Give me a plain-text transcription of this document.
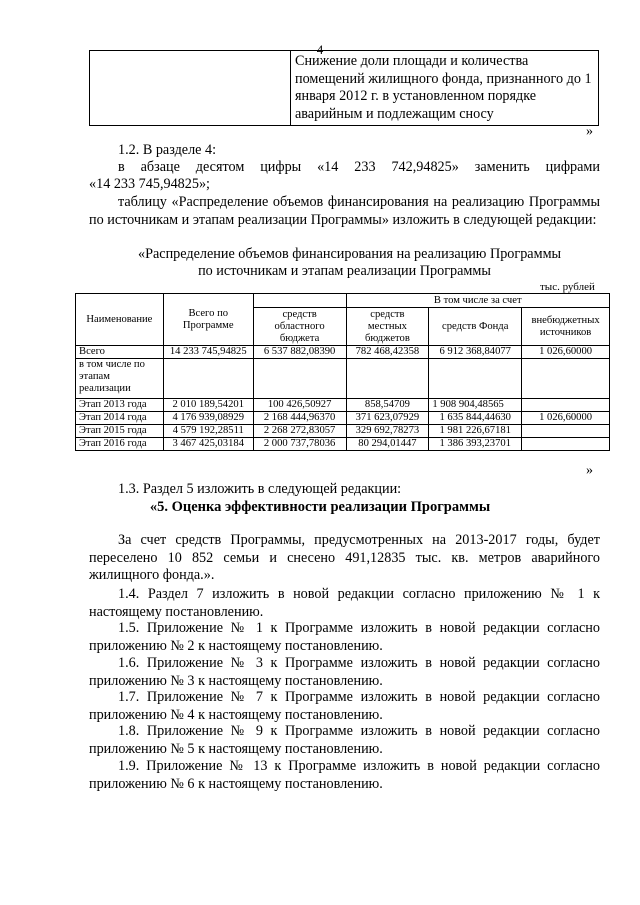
4
	Снижение доли площади и количества помещений жилищного фонда, признанного до 1 января 2012 г. в установленном порядке аварийным и подлежащим сносу
»

1.2. В разделе 4:

в абзаце десятом цифры «14 233 742,94825» заменить цифрами

«14 233 745,94825»;

таблицу «Распределение объемов финансирования на реализацию Программы по источникам и этапам реализации Программы» изложить в следующей редакции:

«Распределение объемов финансирования на реализацию Программы

по источникам и этапам реализации Программы

тыс. рублей
Наименование	Всего по Программе		В том числе за счет		
		средств областного бюджета	средств местных бюджетов	средств Фонда	внебюджетных источников
Всего	14 233 745,94825	6 537 882,08390	782 468,42358	6 912 368,84077	1 026,60000
в том числе по этапам реализации					
Этап 2013 года	2 010 189,54201	100 426,50927	858,54709	1 908 904,48565	
Этап 2014 года	4 176 939,08929	2 168 444,96370	371 623,07929	1 635 844,44630	1 026,60000
Этап 2015 года	4 579 192,28511	2 268 272,83057	329 692,78273	1 981 226,67181	
Этап 2016 года	3 467 425,03184	2 000 737,78036	80 294,01447	1 386 393,23701	
»

1.3. Раздел 5 изложить в следующей редакции:

«5. Оценка эффективности реализации Программы

За счет средств Программы, предусмотренных на 2013-2017 годы, будет переселено 10 852 семьи и снесено 491,12835 тыс. кв. метров аварийного жилищного фонда.».

1.4. Раздел 7 изложить в новой редакции согласно приложению № 1 к настоящему постановлению.

1.5. Приложение № 1 к Программе изложить в новой редакции согласно приложению № 2 к настоящему постановлению.

1.6. Приложение № 3 к Программе изложить в новой редакции согласно приложению № 3 к настоящему постановлению.

1.7. Приложение № 7 к Программе изложить в новой редакции согласно приложению № 4 к настоящему постановлению.

1.8. Приложение № 9 к Программе изложить в новой редакции согласно приложению № 5 к настоящему постановлению.

1.9. Приложение № 13 к Программе изложить в новой редакции согласно приложению № 6 к настоящему постановлению.
